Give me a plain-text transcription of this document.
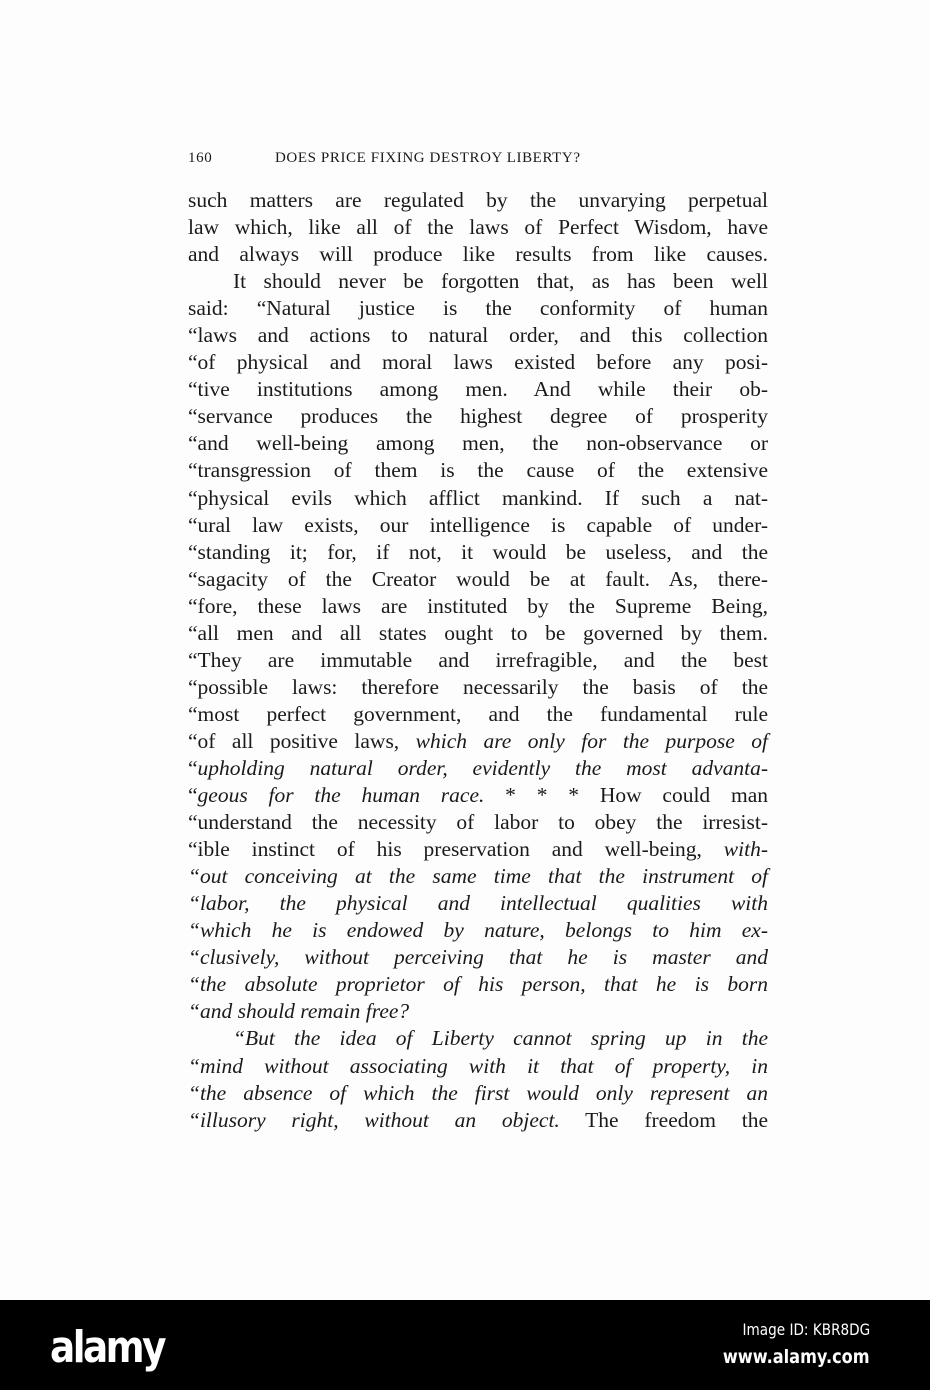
160	DOES PRICE FIXING DESTROY LIBERTY?
such matters are regulated by the unvarying perpetual
law which, like all of the laws of Perfect Wisdom, have
and always will produce like results from like causes.
It should never be forgotten that, as has been well
said: “Natural justice is the conformity of human
“laws and actions to natural order, and this collection
“of physical and moral laws existed before any posi-
“tive institutions among men. And while their ob-
“servance produces the highest degree of prosperity
“and well-being among men, the non-observance or
“transgression of them is the cause of the extensive
“physical evils which afflict mankind. If such a nat-
“ural law exists, our intelligence is capable of under-
“standing it; for, if not, it would be useless, and the
“sagacity of the Creator would be at fault. As, there-
“fore, these laws are instituted by the Supreme Being,
“all men and all states ought to be governed by them.
“They are immutable and irrefragible, and the best
“possible laws: therefore necessarily the basis of the
“most perfect government, and the fundamental rule
“of all positive laws, which are only for the purpose of
“upholding natural order, evidently the most advanta-
“geous for the human race. * * * How could man
“understand the necessity of labor to obey the irresist-
“ible instinct of his preservation and well-being, with-
“out conceiving at the same time that the instrument of
“labor, the physical and intellectual qualities with
“which he is endowed by nature, belongs to him ex-
“clusively, without perceiving that he is master and
“the absolute proprietor of his person, that he is born
“and should remain free?
“But the idea of Liberty cannot spring up in the
“mind without associating with it that of property, in
“the absence of which the first would only represent an
“illusory right, without an object. The freedom the
alamy	Image ID: KBR8DG
www.alamy.com
